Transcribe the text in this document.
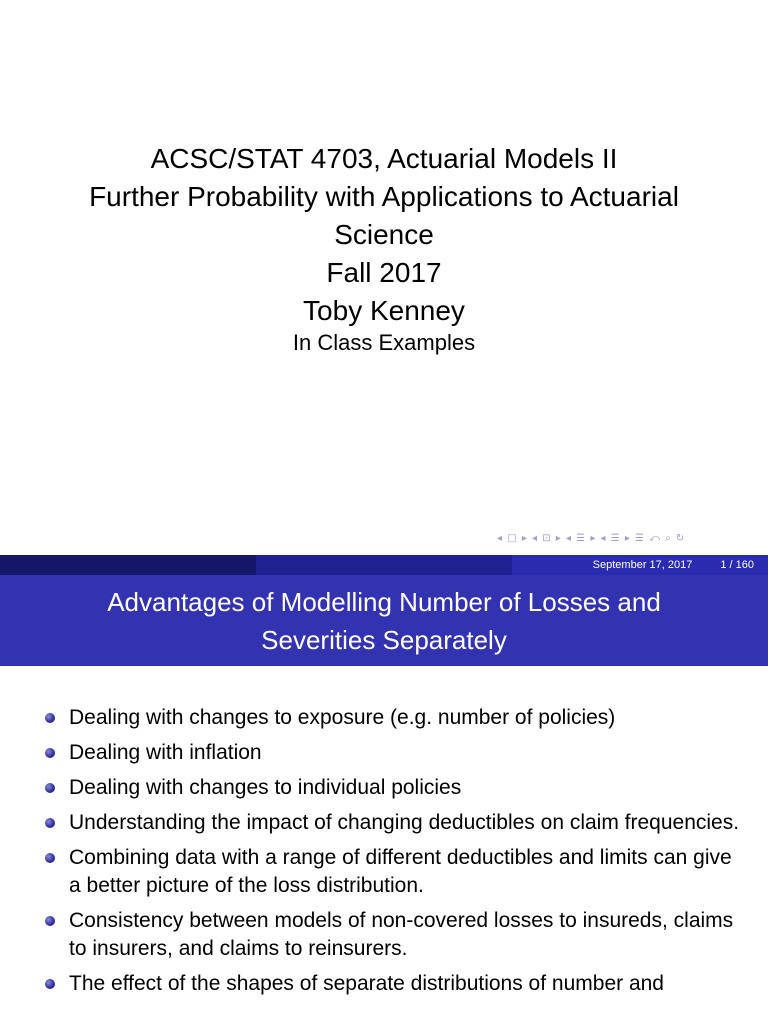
ACSC/STAT 4703, Actuarial Models II
Further Probability with Applications to Actuarial
Science
Fall 2017
Toby Kenney
In Class Examples
◂ □ ▸ ◂ ⊡ ▸ ◂ ☰ ▸ ◂ ☰ ▸ ☰ ⤺ ⌕ ↻
September 17, 2017	1 / 160
Advantages of Modelling Number of Losses and
Severities Separately
Dealing with changes to exposure (e.g. number of policies)
Dealing with inflation
Dealing with changes to individual policies
Understanding the impact of changing deductibles on claim frequencies.
Combining data with a range of different deductibles and limits can give a better picture of the loss distribution.
Consistency between models of non-covered losses to insureds, claims to insurers, and claims to reinsurers.
The effect of the shapes of separate distributions of number and
